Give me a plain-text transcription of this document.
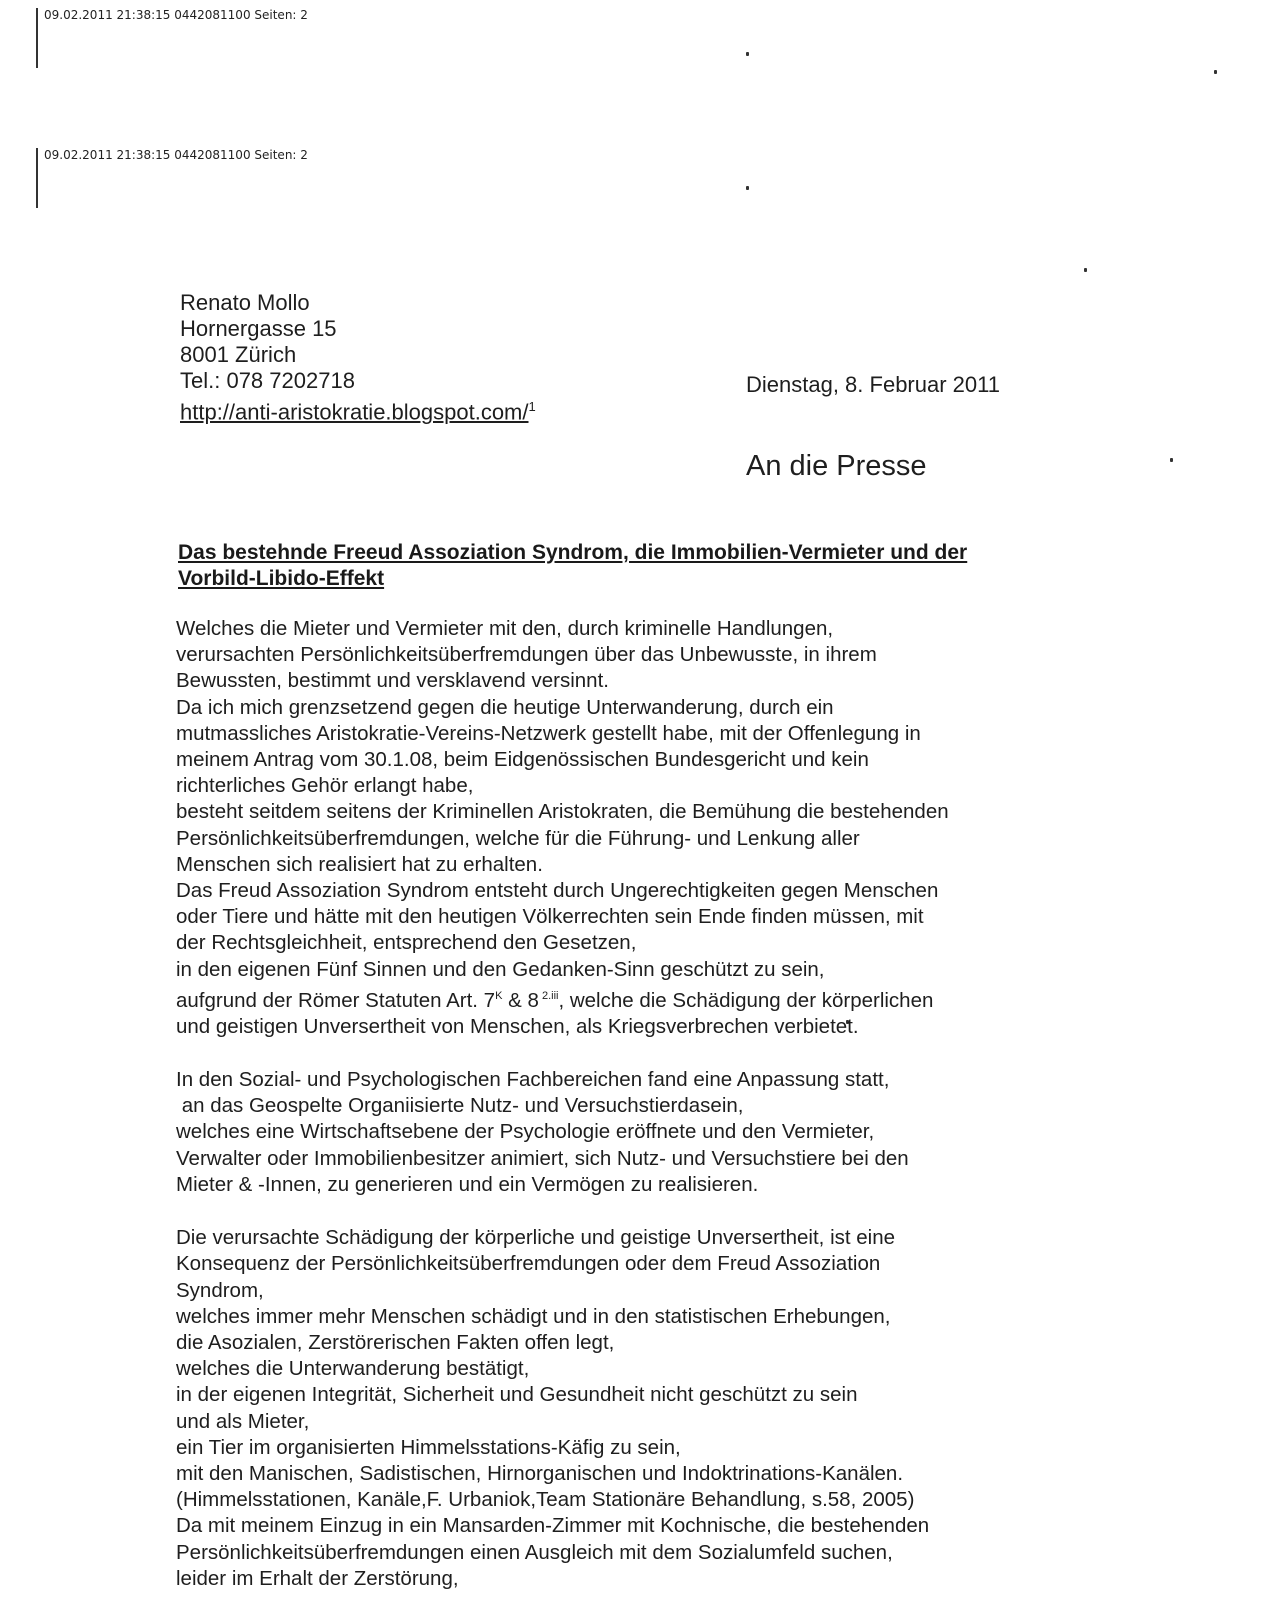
09.02.2011 21:38:15 0442081100 Seiten: 2
09.02.2011 21:38:15 0442081100 Seiten: 2
Renato Mollo
Hornergasse 15
8001 Zürich
Tel.: 078 7202718
http://anti-aristokratie.blogspot.com/$^1$
Dienstag, 8. Februar 2011
An die Presse
Das bestehnde Freeud Assoziation Syndrom, die Immobilien-Vermieter und der
Vorbild-Libido-Effekt
Welches die Mieter und Vermieter mit den, durch kriminelle Handlungen,
verursachten Persönlichkeitsüberfremdungen über das Unbewusste, in ihrem
Bewussten, bestimmt und versklavend versinnt.
Da ich mich grenzsetzend gegen die heutige Unterwanderung, durch ein
mutmassliches Aristokratie-Vereins-Netzwerk gestellt habe, mit der Offenlegung in
meinem Antrag vom 30.1.08, beim Eidgenössischen Bundesgericht und kein
richterliches Gehör erlangt habe,
besteht seitdem seitens der Kriminellen Aristokraten, die Bemühung die bestehenden
Persönlichkeitsüberfremdungen, welche für die Führung- und Lenkung aller
Menschen sich realisiert hat zu erhalten.
Das Freud Assoziation Syndrom entsteht durch Ungerechtigkeiten gegen Menschen
oder Tiere und hätte mit den heutigen Völkerrechten sein Ende finden müssen, mit
der Rechtsgleichheit, entsprechend den Gesetzen,
in den eigenen Fünf Sinnen und den Gedanken-Sinn geschützt zu sein,
aufgrund der Römer Statuten Art. $7^K$ & 8 $^{2.iii}$, welche die Schädigung der körperlichen
und geistigen Unversertheit von Menschen, als Kriegsverbrechen verbietet.
In den Sozial- und Psychologischen Fachbereichen fand eine Anpassung statt,
an das Geospelte Organiisierte Nutz- und Versuchstierdasein,
welches eine Wirtschaftsebene der Psychologie eröffnete und den Vermieter,
Verwalter oder Immobilienbesitzer animiert, sich Nutz- und Versuchstiere bei den
Mieter & -Innen, zu generieren und ein Vermögen zu realisieren.
Die verursachte Schädigung der körperliche und geistige Unversertheit, ist eine
Konsequenz der Persönlichkeitsüberfremdungen oder dem Freud Assoziation
Syndrom,
welches immer mehr Menschen schädigt und in den statistischen Erhebungen,
die Asozialen, Zerstörerischen Fakten offen legt,
welches die Unterwanderung bestätigt,
in der eigenen Integrität, Sicherheit und Gesundheit nicht geschützt zu sein
und als Mieter,
ein Tier im organisierten Himmelsstations-Käfig zu sein,
mit den Manischen, Sadistischen, Hirnorganischen und Indoktrinations-Kanälen.
(Himmelsstationen, Kanäle,F. Urbaniok,Team Stationäre Behandlung, s.58, 2005)
Da mit meinem Einzug in ein Mansarden-Zimmer mit Kochnische, die bestehenden
Persönlichkeitsüberfremdungen einen Ausgleich mit dem Sozialumfeld suchen,
leider im Erhalt der Zerstörung,
